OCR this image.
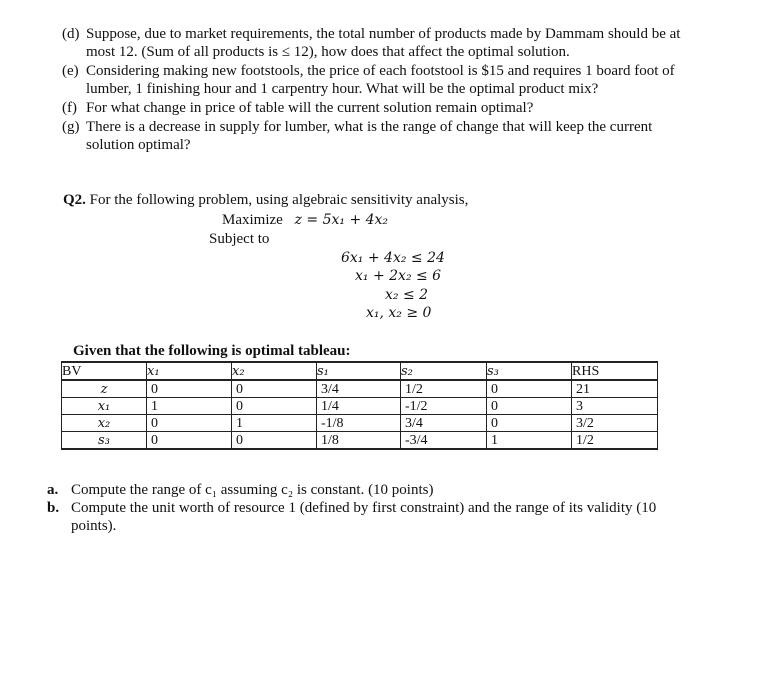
(d) Suppose, due to market requirements, the total number of products made by Dammam should be at
most 12. (Sum of all products is ≤ 12), how does that affect the optimal solution.
(e) Considering making new footstools, the price of each footstool is $15 and requires 1 board foot of
lumber, 1 finishing hour and 1 carpentry hour. What will be the optimal product mix?
(f) For what change in price of table will the current solution remain optimal?
(g) There is a decrease in supply for lumber, what is the range of change that will keep the current
solution optimal?
Q2. For the following problem, using algebraic sensitivity analysis,
Maximize z = 5x₁ + 4x₂
Subject to
6x₁ + 4x₂ ≤ 24
x₁ + 2x₂ ≤ 6
x₂ ≤ 2
x₁, x₂ ≥ 0
Given that the following is optimal tableau:
BV	x₁	x₂	s₁	s₂	s₃	RHS
z	0	0	3/4	1/2	0	21
x₁	1	0	1/4	-1/2	0	3
x₂	0	1	-1/8	3/4	0	3/2
s₃	0	0	1/8	-3/4	1	1/2
a. Compute the range of c₁ assuming c₂ is constant. (10 points)
b. Compute the unit worth of resource 1 (defined by first constraint) and the range of its validity (10
points).
